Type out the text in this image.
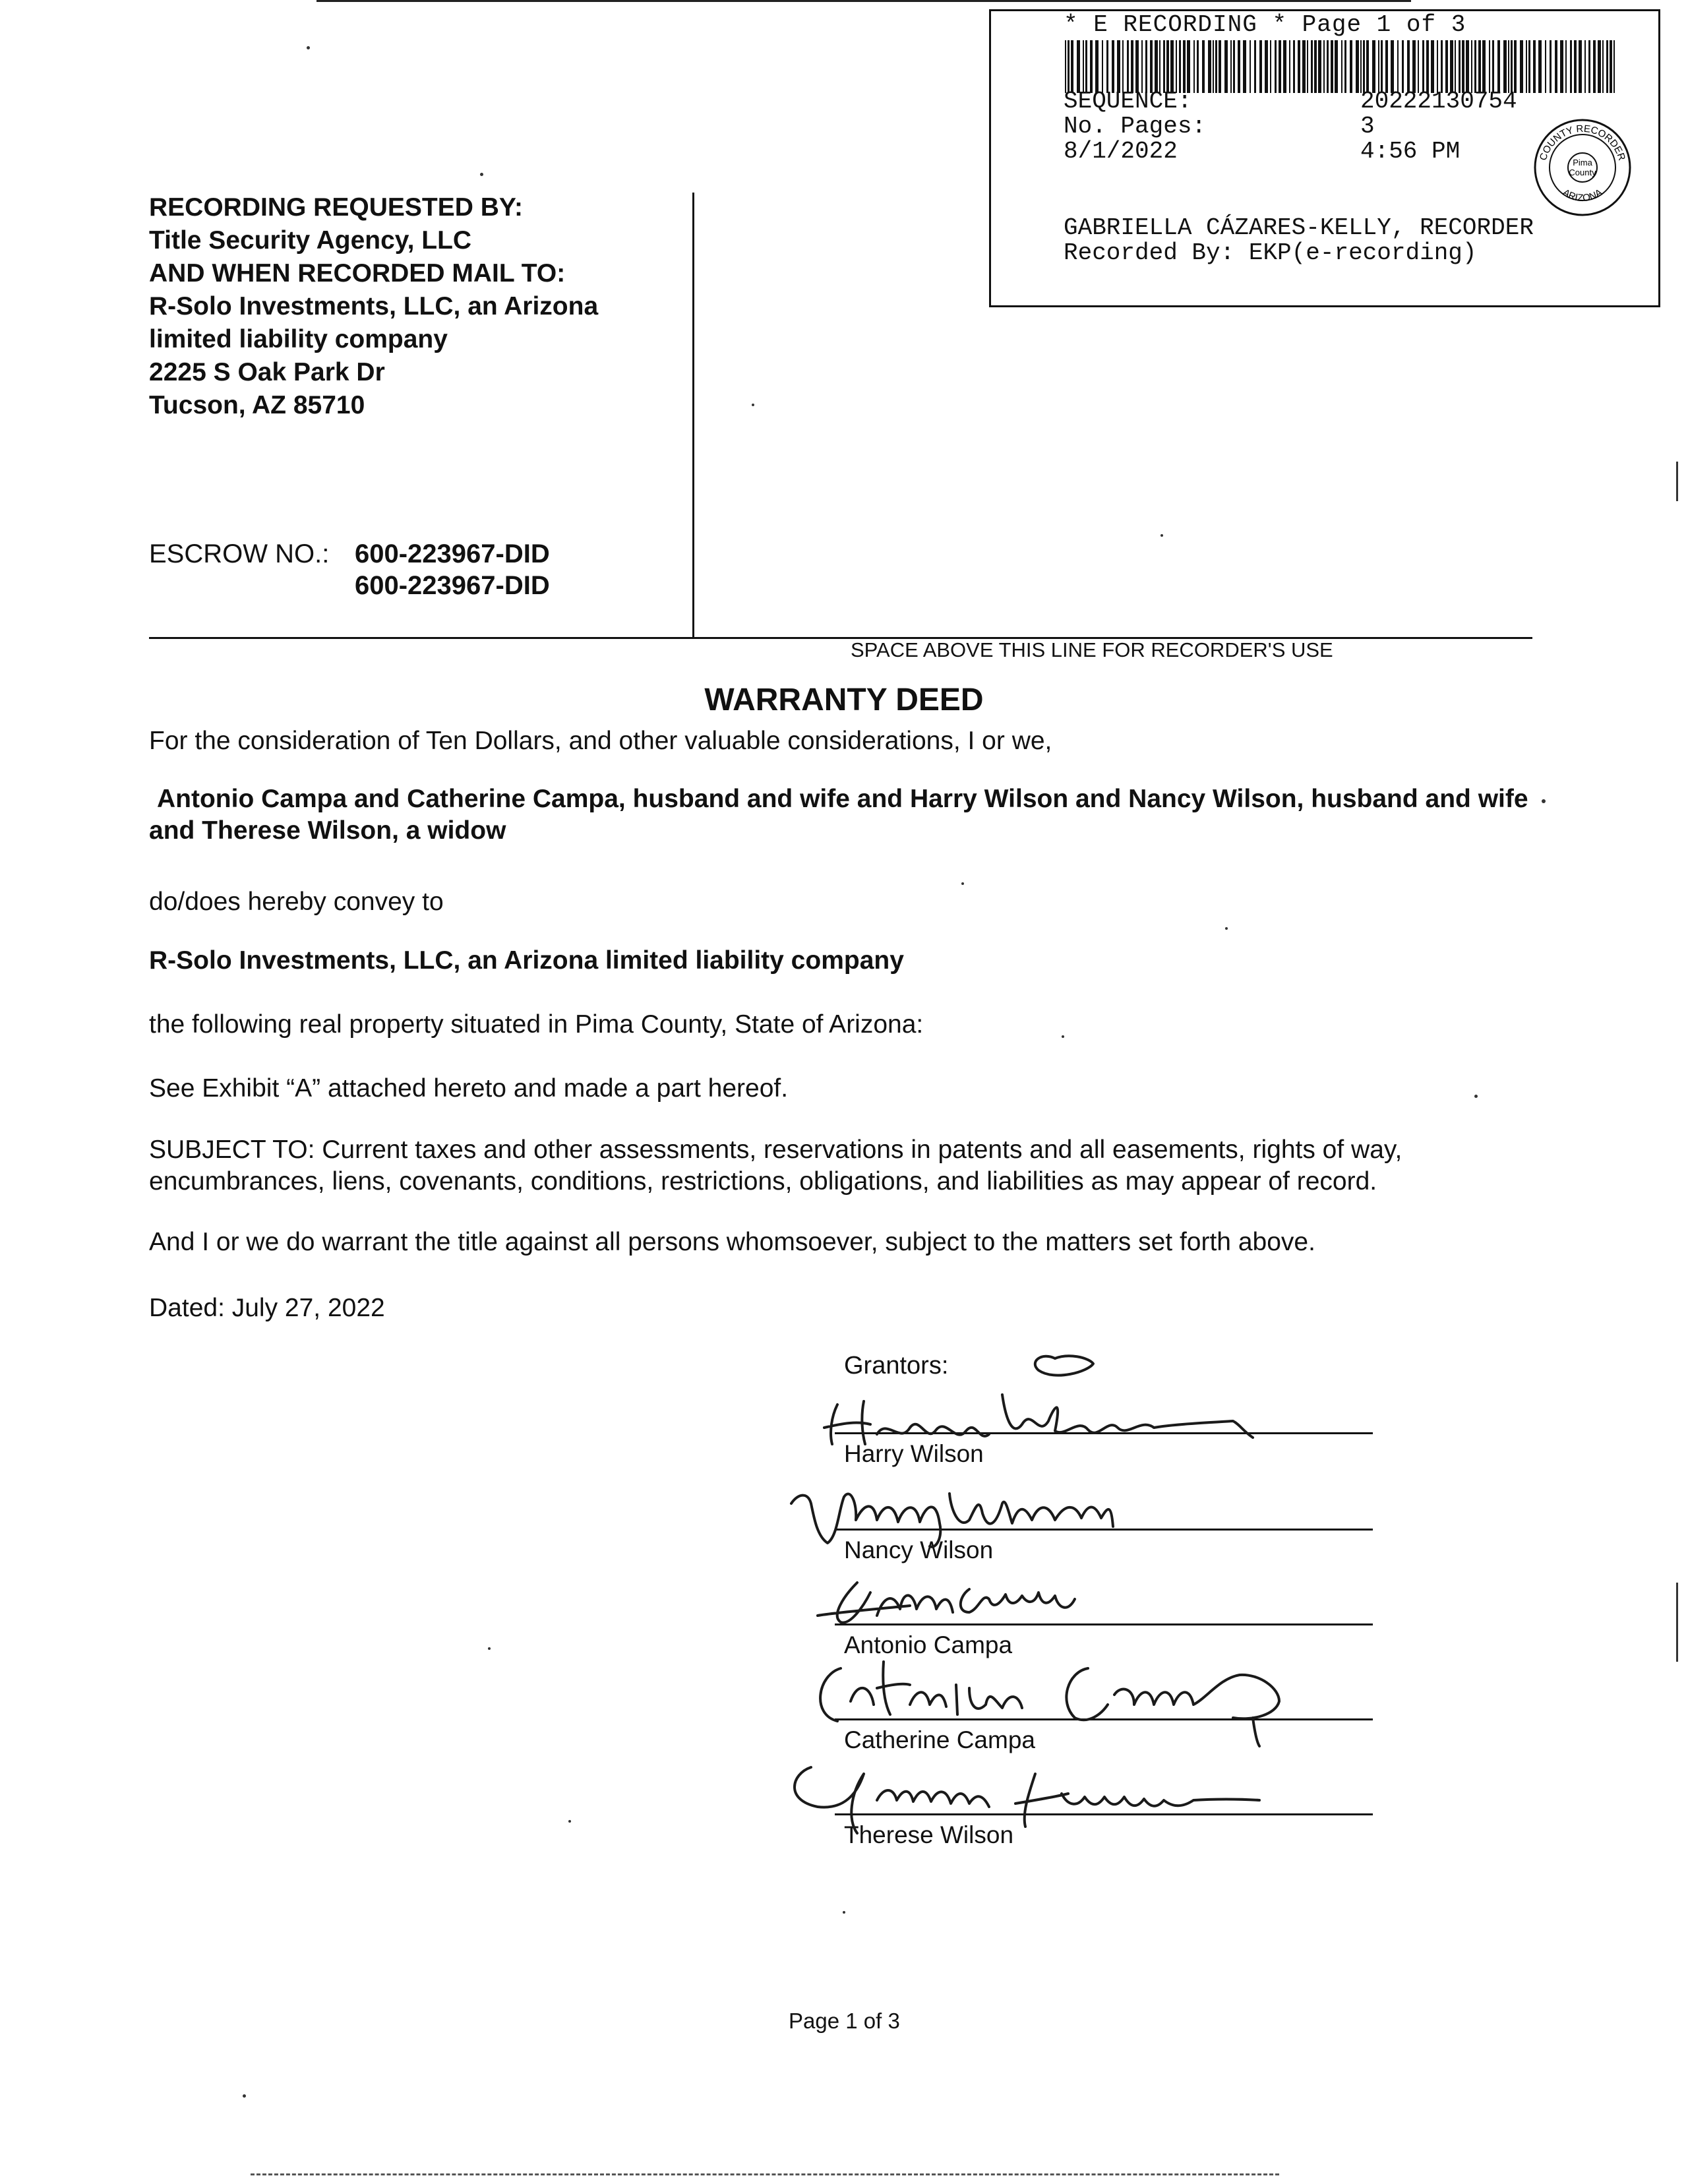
* E RECORDING * Page 1 of 3
SEQUENCE:	20222130754
No. Pages:	3
8/1/2022	4:56 PM
GABRIELLA CÁZARES-KELLY, RECORDER
Recorded By: EKP(e-recording)
Pima
County
COUNTY RECORDER
ARIZONA
RECORDING REQUESTED BY:
Title Security Agency, LLC
AND WHEN RECORDED MAIL TO:
R-Solo Investments, LLC, an Arizona
limited liability company
2225 S Oak Park Dr
Tucson, AZ 85710
ESCROW NO.: 600-223967-DID
600-223967-DID
SPACE ABOVE THIS LINE FOR RECORDER'S USE
WARRANTY DEED
For the consideration of Ten Dollars, and other valuable considerations, I or we,
Antonio Campa and Catherine Campa, husband and wife and Harry Wilson and Nancy Wilson, husband and wife and Therese Wilson, a widow
do/does hereby convey to
R-Solo Investments, LLC, an Arizona limited liability company
the following real property situated in Pima County, State of Arizona:
See Exhibit “A” attached hereto and made a part hereof.
SUBJECT TO: Current taxes and other assessments, reservations in patents and all easements, rights of way, encumbrances, liens, covenants, conditions, restrictions, obligations, and liabilities as may appear of record.
And I or we do warrant the title against all persons whomsoever, subject to the matters set forth above.
Dated: July 27, 2022
Grantors:
Harry Wilson
Nancy Wilson
Antonio Campa
Catherine Campa
Therese Wilson
Page 1 of 3
